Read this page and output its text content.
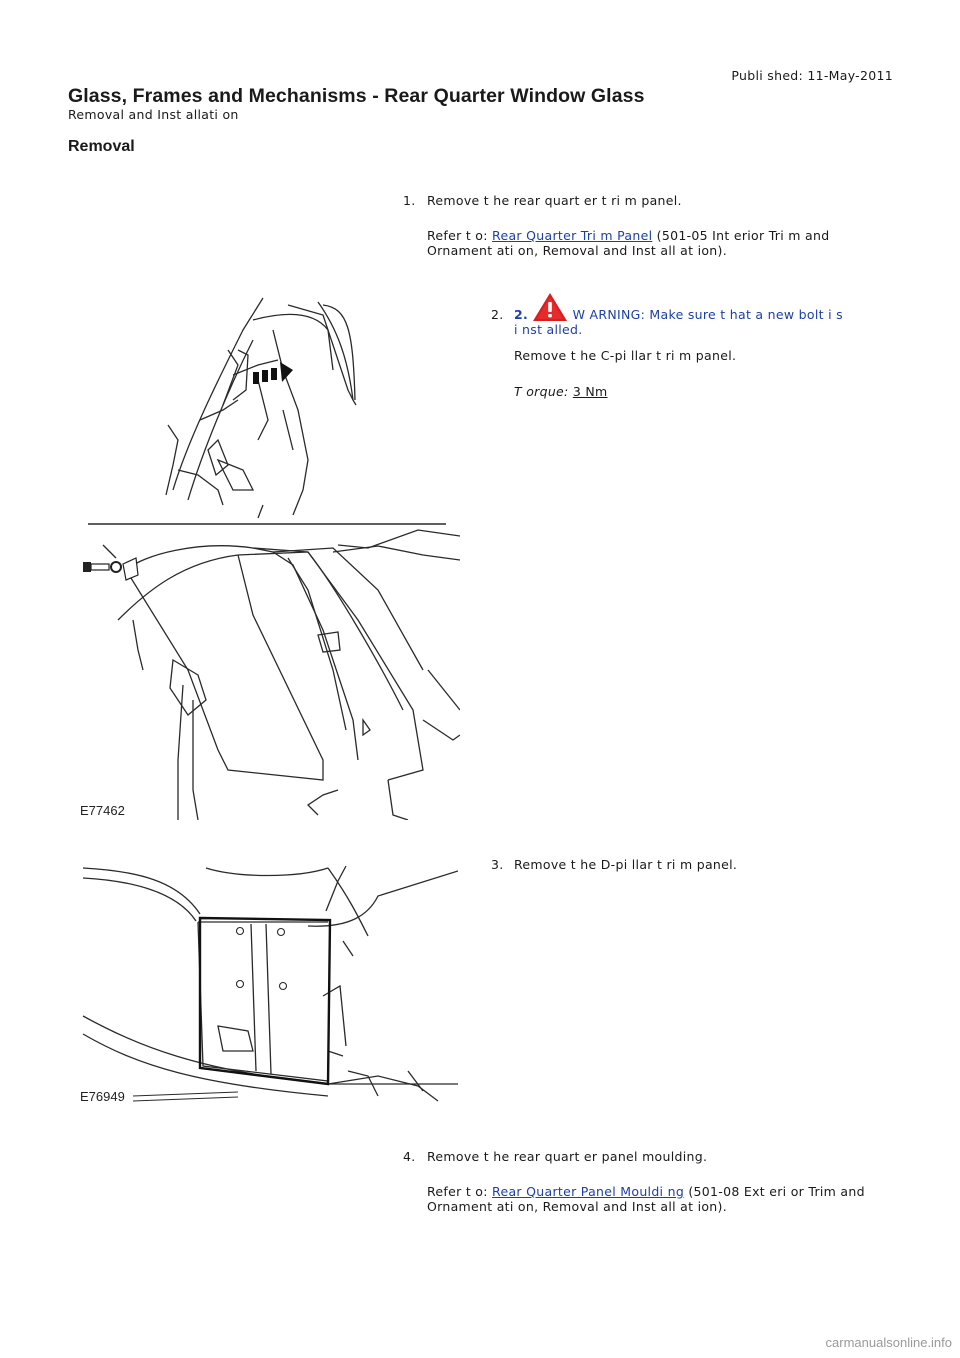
Publi shed: 11-May-2011
Glass, Frames and Mechanisms - Rear Quarter Window Glass
Removal and Inst allati on
Removal
1. Remove t he rear quart er t ri m panel.
Refer t o: Rear Quarter Tri m Panel (501-05 Int erior Tri m and
Ornament ati on, Removal and Inst all at ion).
2. 2.	W ARNING: Make sure t hat a new bolt i s
i nst alled.
Remove t he C-pi llar t ri m panel.
T orque: 3 Nm
E77462
3. Remove t he D-pi llar t ri m panel.
E76949
4. Remove t he rear quart er panel moulding.
Refer t o: Rear Quarter Panel Mouldi ng (501-08 Ext eri or Trim and
Ornament ati on, Removal and Inst all at ion).
carmanualsonline.info
